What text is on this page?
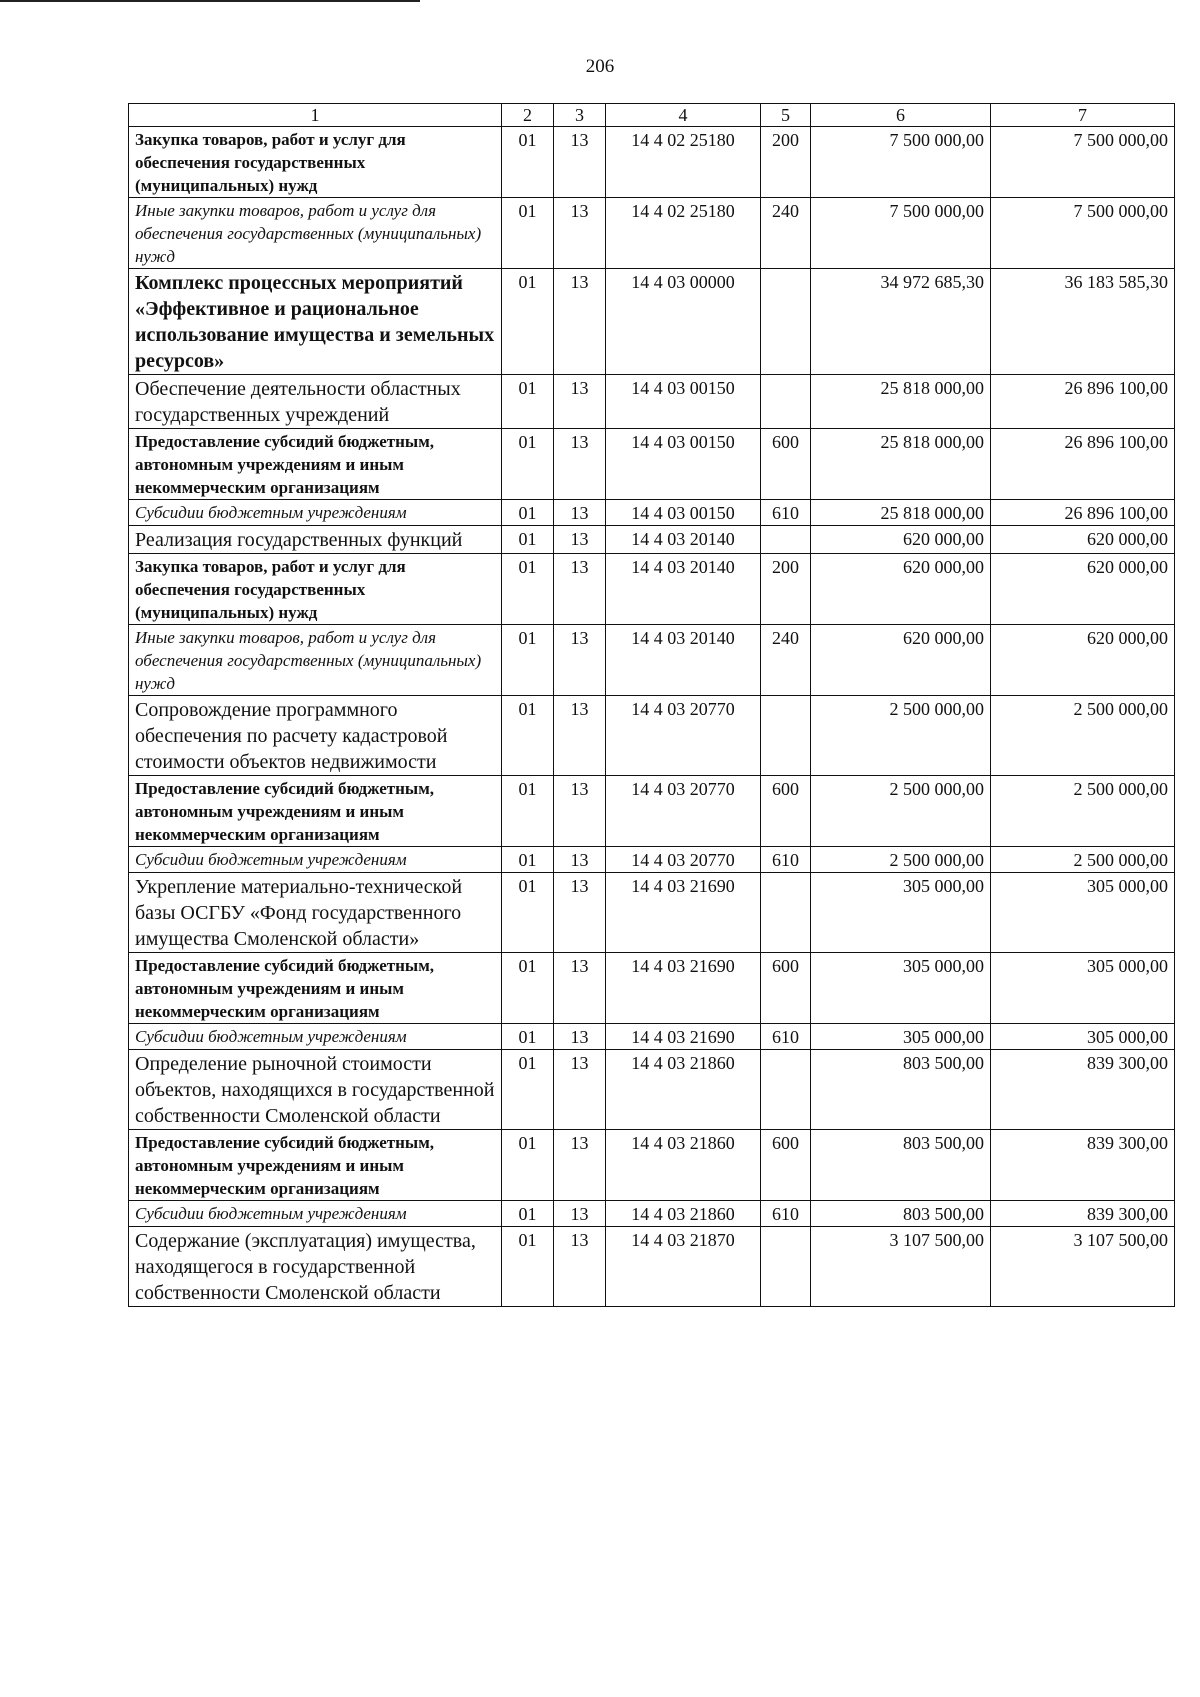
206
1	2	3	4	5	6	7
Закупка товаров, работ и услуг для обеспечения государственных (муниципальных) нужд	01	13	14 4 02 25180	200	7 500 000,00	7 500 000,00
Иные закупки товаров, работ и услуг для обеспечения государственных (муниципальных) нужд	01	13	14 4 02 25180	240	7 500 000,00	7 500 000,00
Комплекс процессных мероприятий «Эффективное и рациональное использование имущества и земельных ресурсов»	01	13	14 4 03 00000		34 972 685,30	36 183 585,30
Обеспечение деятельности областных государственных учреждений	01	13	14 4 03 00150		25 818 000,00	26 896 100,00
Предоставление субсидий бюджетным, автономным учреждениям и иным некоммерческим организациям	01	13	14 4 03 00150	600	25 818 000,00	26 896 100,00
Субсидии бюджетным учреждениям	01	13	14 4 03 00150	610	25 818 000,00	26 896 100,00
Реализация государственных функций	01	13	14 4 03 20140		620 000,00	620 000,00
Закупка товаров, работ и услуг для обеспечения государственных (муниципальных) нужд	01	13	14 4 03 20140	200	620 000,00	620 000,00
Иные закупки товаров, работ и услуг для обеспечения государственных (муниципальных) нужд	01	13	14 4 03 20140	240	620 000,00	620 000,00
Сопровождение программного обеспечения по расчету кадастровой стоимости объектов недвижимости	01	13	14 4 03 20770		2 500 000,00	2 500 000,00
Предоставление субсидий бюджетным, автономным учреждениям и иным некоммерческим организациям	01	13	14 4 03 20770	600	2 500 000,00	2 500 000,00
Субсидии бюджетным учреждениям	01	13	14 4 03 20770	610	2 500 000,00	2 500 000,00
Укрепление материально-технической базы ОСГБУ «Фонд государственного имущества Смоленской области»	01	13	14 4 03 21690		305 000,00	305 000,00
Предоставление субсидий бюджетным, автономным учреждениям и иным некоммерческим организациям	01	13	14 4 03 21690	600	305 000,00	305 000,00
Субсидии бюджетным учреждениям	01	13	14 4 03 21690	610	305 000,00	305 000,00
Определение рыночной стоимости объектов, находящихся в государственной собственности Смоленской области	01	13	14 4 03 21860		803 500,00	839 300,00
Предоставление субсидий бюджетным, автономным учреждениям и иным некоммерческим организациям	01	13	14 4 03 21860	600	803 500,00	839 300,00
Субсидии бюджетным учреждениям	01	13	14 4 03 21860	610	803 500,00	839 300,00
Содержание (эксплуатация) имущества, находящегося в государственной собственности Смоленской области	01	13	14 4 03 21870		3 107 500,00	3 107 500,00
